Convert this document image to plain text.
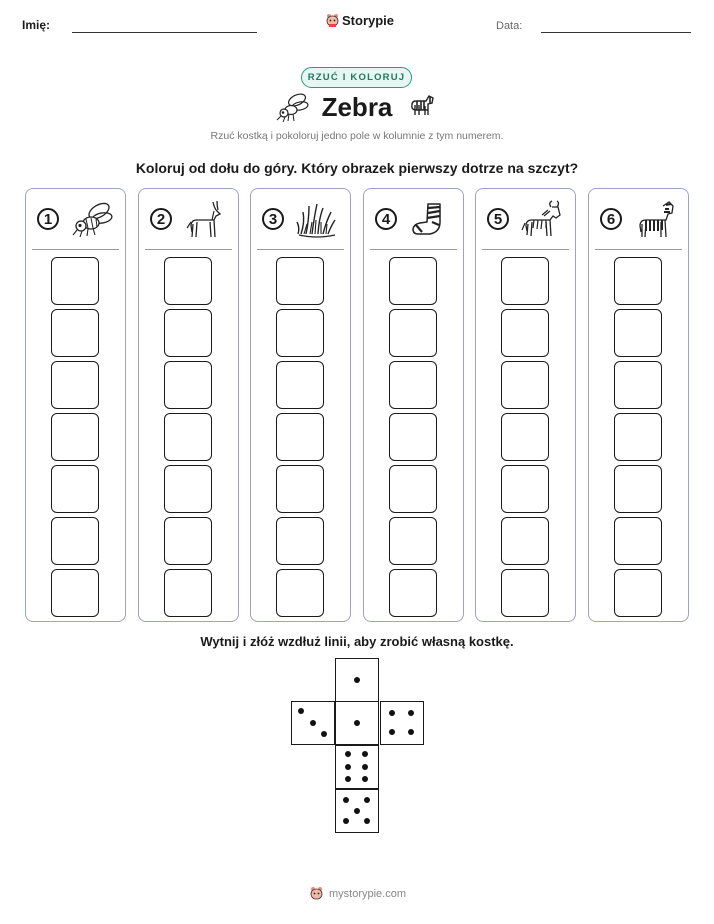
Imię:	Storypie	Data:
RZUĆ I KOLORUJ
Zebra
Rzuć kostką i pokoloruj jedno pole w kolumnie z tym numerem.
Koloruj od dołu do góry. Który obrazek pierwszy dotrze na szczyt?
1	2	3	4	5	6
Wytnij i złóż wzdłuż linii, aby zrobić własną kostkę.
mystorypie.com
